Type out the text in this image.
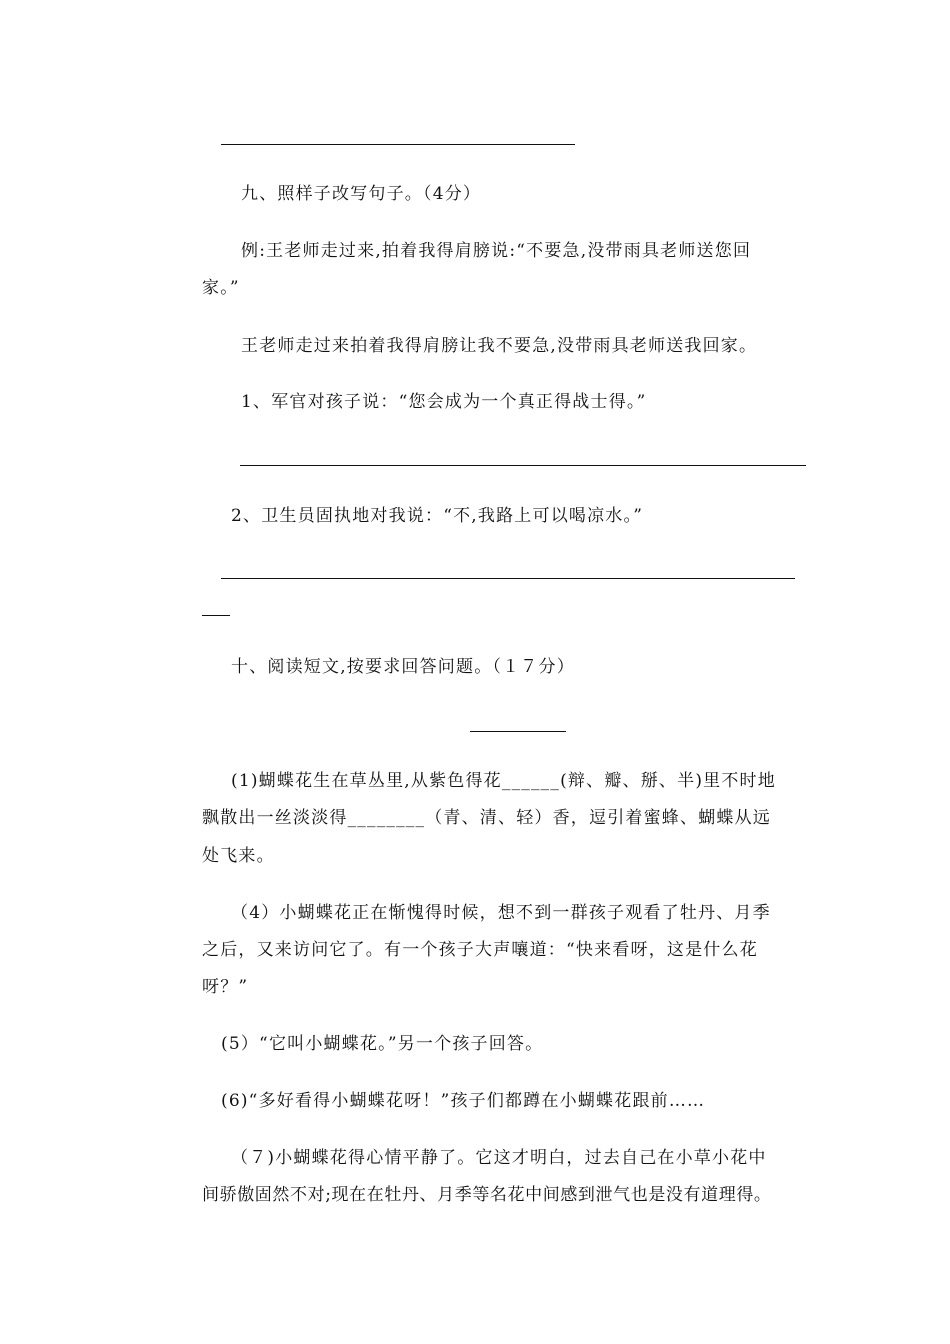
九、照样子改写句子。（4分）
例:王老师走过来,拍着我得肩膀说:“不要急,没带雨具老师送您回
家。”
王老师走过来拍着我得肩膀让我不要急,没带雨具老师送我回家。
1、军官对孩子说：“您会成为一个真正得战士得。”
2、卫生员固执地对我说：“不,我路上可以喝凉水。”
十、阅读短文,按要求回答问题。（１７分）
(1)蝴蝶花生在草丛里,从紫色得花______(辩、瓣、掰、半)里不时地
飘散出一丝淡淡得________（青、清、轻）香，逗引着蜜蜂、蝴蝶从远
处飞来。
（4）小蝴蝶花正在惭愧得时候，想不到一群孩子观看了牡丹、月季
之后，又来访问它了。有一个孩子大声嚷道：“快来看呀，这是什么花
呀？”
(5）“它叫小蝴蝶花。”另一个孩子回答。
(6)“多好看得小蝴蝶花呀！”孩子们都蹲在小蝴蝶花跟前……
（７)小蝴蝶花得心情平静了。它这才明白，过去自己在小草小花中
间骄傲固然不对;现在在牡丹、月季等名花中间感到泄气也是没有道理得。
